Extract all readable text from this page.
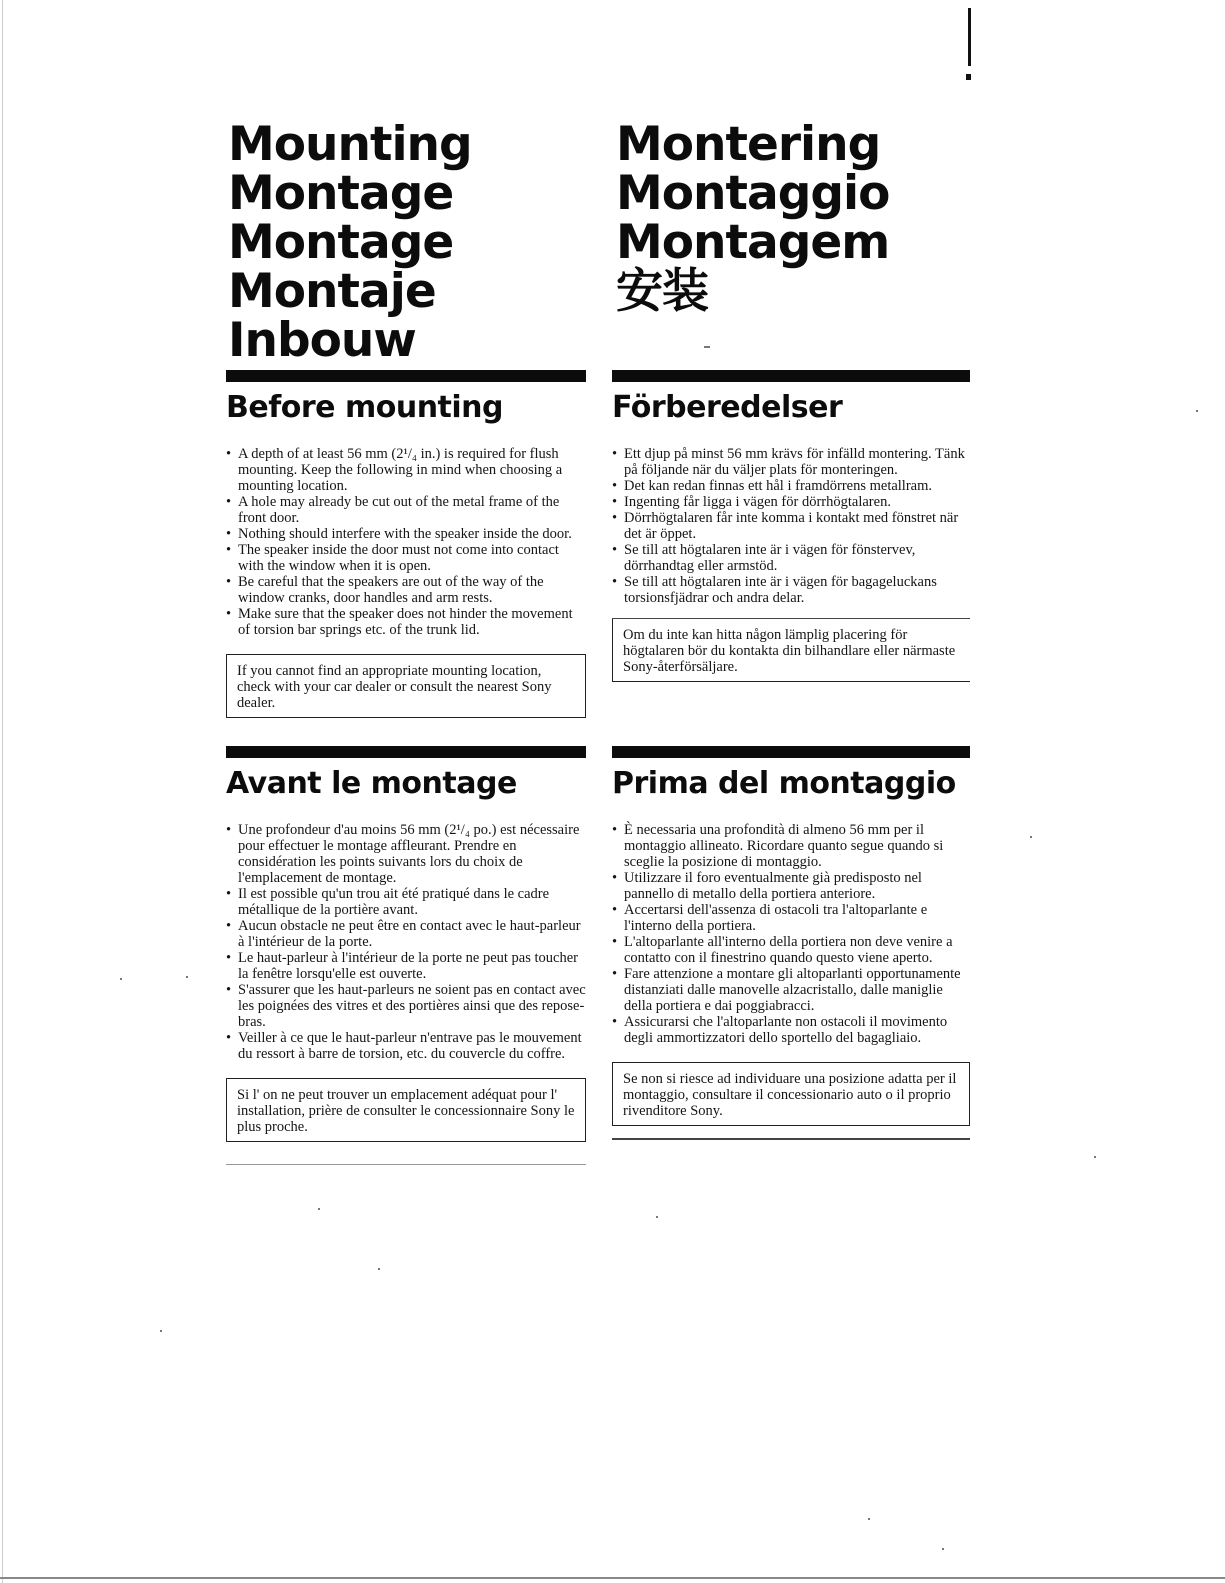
Mounting
Montage
Montage
Montaje
Inbouw
Montering
Montaggio
Montagem
安装
Before mounting
• A depth of at least 56 mm (2¹/₄ in.) is required for flush mounting. Keep the following in mind when choosing a mounting location.
• A hole may already be cut out of the metal frame of the front door.
• Nothing should interfere with the speaker inside the door.
• The speaker inside the door must not come into contact with the window when it is open.
• Be careful that the speakers are out of the way of the window cranks, door handles and arm rests.
• Make sure that the speaker does not hinder the movement of torsion bar springs etc. of the trunk lid.
If you cannot find an appropriate mounting location, check with your car dealer or consult the nearest Sony dealer.
Förberedelser
• Ett djup på minst 56 mm krävs för infälld montering. Tänk på följande när du väljer plats för monteringen.
• Det kan redan finnas ett hål i framdörrens metallram.
• Ingenting får ligga i vägen för dörrhögtalaren.
• Dörrhögtalaren får inte komma i kontakt med fönstret när det är öppet.
• Se till att högtalaren inte är i vägen för fönstervev, dörrhandtag eller armstöd.
• Se till att högtalaren inte är i vägen för bagageluckans torsionsfjädrar och andra delar.
Om du inte kan hitta någon lämplig placering för högtalaren bör du kontakta din bilhandlare eller närmaste Sony-återförsäljare.
Avant le montage
• Une profondeur d'au moins 56 mm (2¹/₄ po.) est nécessaire pour effectuer le montage affleurant. Prendre en considération les points suivants lors du choix de l'emplacement de montage.
• Il est possible qu'un trou ait été pratiqué dans le cadre métallique de la portière avant.
• Aucun obstacle ne peut être en contact avec le haut-parleur à l'intérieur de la porte.
• Le haut-parleur à l'intérieur de la porte ne peut pas toucher la fenêtre lorsqu'elle est ouverte.
• S'assurer que les haut-parleurs ne soient pas en contact avec les poignées des vitres et des portières ainsi que des repose-bras.
• Veiller à ce que le haut-parleur n'entrave pas le mouvement du ressort à barre de torsion, etc. du couvercle du coffre.
Si l' on ne peut trouver un emplacement adéquat pour l' installation, prière de consulter le concessionnaire Sony le plus proche.
Prima del montaggio
• È necessaria una profondità di almeno 56 mm per il montaggio allineato. Ricordare quanto segue quando si sceglie la posizione di montaggio.
• Utilizzare il foro eventualmente già predisposto nel pannello di metallo della portiera anteriore.
• Accertarsi dell'assenza di ostacoli tra l'altoparlante e l'interno della portiera.
• L'altoparlante all'interno della portiera non deve venire a contatto con il finestrino quando questo viene aperto.
• Fare attenzione a montare gli altoparlanti opportunamente distanziati dalle manovelle alzacristallo, dalle maniglie della portiera e dai poggiabracci.
• Assicurarsi che l'altoparlante non ostacoli il movimento degli ammortizzatori dello sportello del bagagliaio.
Se non si riesce ad individuare una posizione adatta per il montaggio, consultare il concessionario auto o il proprio rivenditore Sony.
